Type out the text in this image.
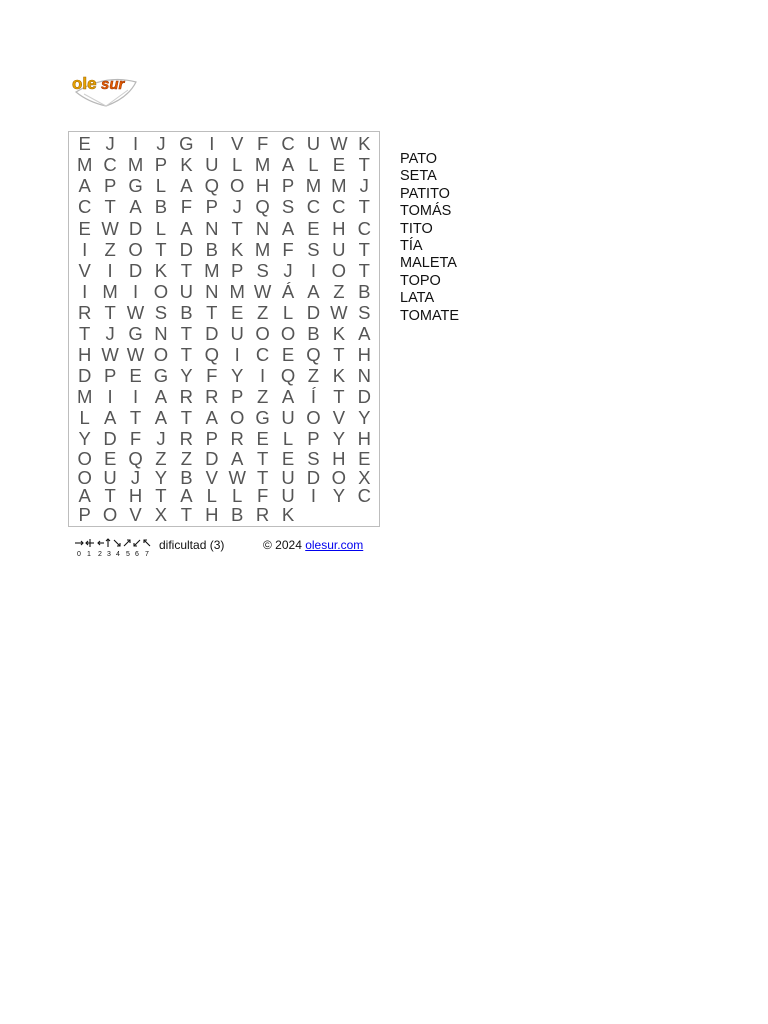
ole sur
E J I J G I V F C U W K
M C M P K U L M A L E T
A P G L A Q O H P M M J
C T A B F P J Q S C C T
E W D L A N T N A E H C
I Z O T D B K M F S U T
V I D K T M P S J I O T
I M I O U N M W Á A Z B
R T W S B T E Z L D W S
T J G N T D U O O B K A
H W W O T Q I C E Q T H
D P E G Y F Y I Q Z K N
M I	I A R R P Z A Í T D
L A T A T A O G U O V Y
Y D F J R P R E L P Y H
O E Q Z Z D A T E S H E
O U J Y B V W T U D O X
A T H T A L L F U I Y C
P O V X T H B R K
PATO
SETA
PATITO
TOMÁS
TITO
TÍA
MALETA
TOPO
LATA
TOMATE
0 1 2 3 4 5 6 7
dificultad (3)	© 2024 olesur.com
